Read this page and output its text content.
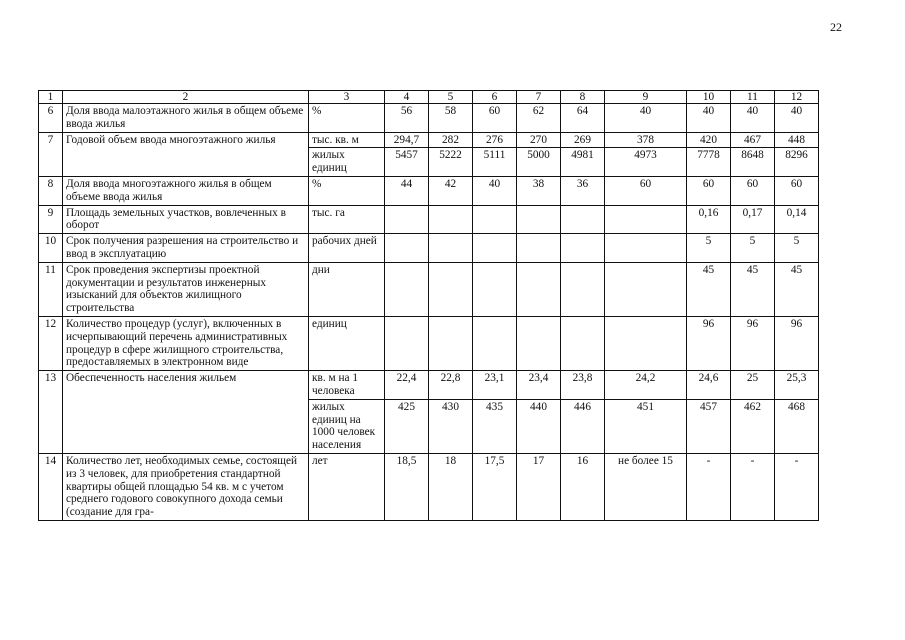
22
1	2	3	4	5	6	7	8	9	10	11	12
6	Доля ввода малоэтажного жилья в общем объеме ввода жилья	%	56	58	60	62	64	40	40	40	40
7	Годовой объем ввода многоэтажного жилья	тыс. кв. м	294,7	282	276	270	269	378	420	467	448
		жилых единиц	5457	5222	5111	5000	4981	4973	7778	8648	8296
8	Доля ввода многоэтажного жилья в общем объеме ввода жилья	%	44	42	40	38	36	60	60	60	60
9	Площадь земельных участков, вовлеченных в оборот	тыс. га							0,16	0,17	0,14
10	Срок получения разрешения на строительство и ввод в эксплуатацию	рабочих дней							5	5	5
11	Срок проведения экспертизы проектной документации и результатов инженерных изысканий для объектов жилищного строительства	дни							45	45	45
12	Количество процедур (услуг), включенных в исчерпывающий перечень административных процедур в сфере жилищного строительства, предоставляемых в электронном виде	единиц							96	96	96
13	Обеспеченность населения жильем	кв. м на 1 человека	22,4	22,8	23,1	23,4	23,8	24,2	24,6	25	25,3
		жилых единиц на 1000 человек населения	425	430	435	440	446	451	457	462	468
14	Количество лет, необходимых семье, состоящей из 3 человек, для приобретения стандартной квартиры общей площадью 54 кв. м с учетом среднего годового совокупного дохода семьи (создание для гра-	лет	18,5	18	17,5	17	16	не более 15	-	-	-
